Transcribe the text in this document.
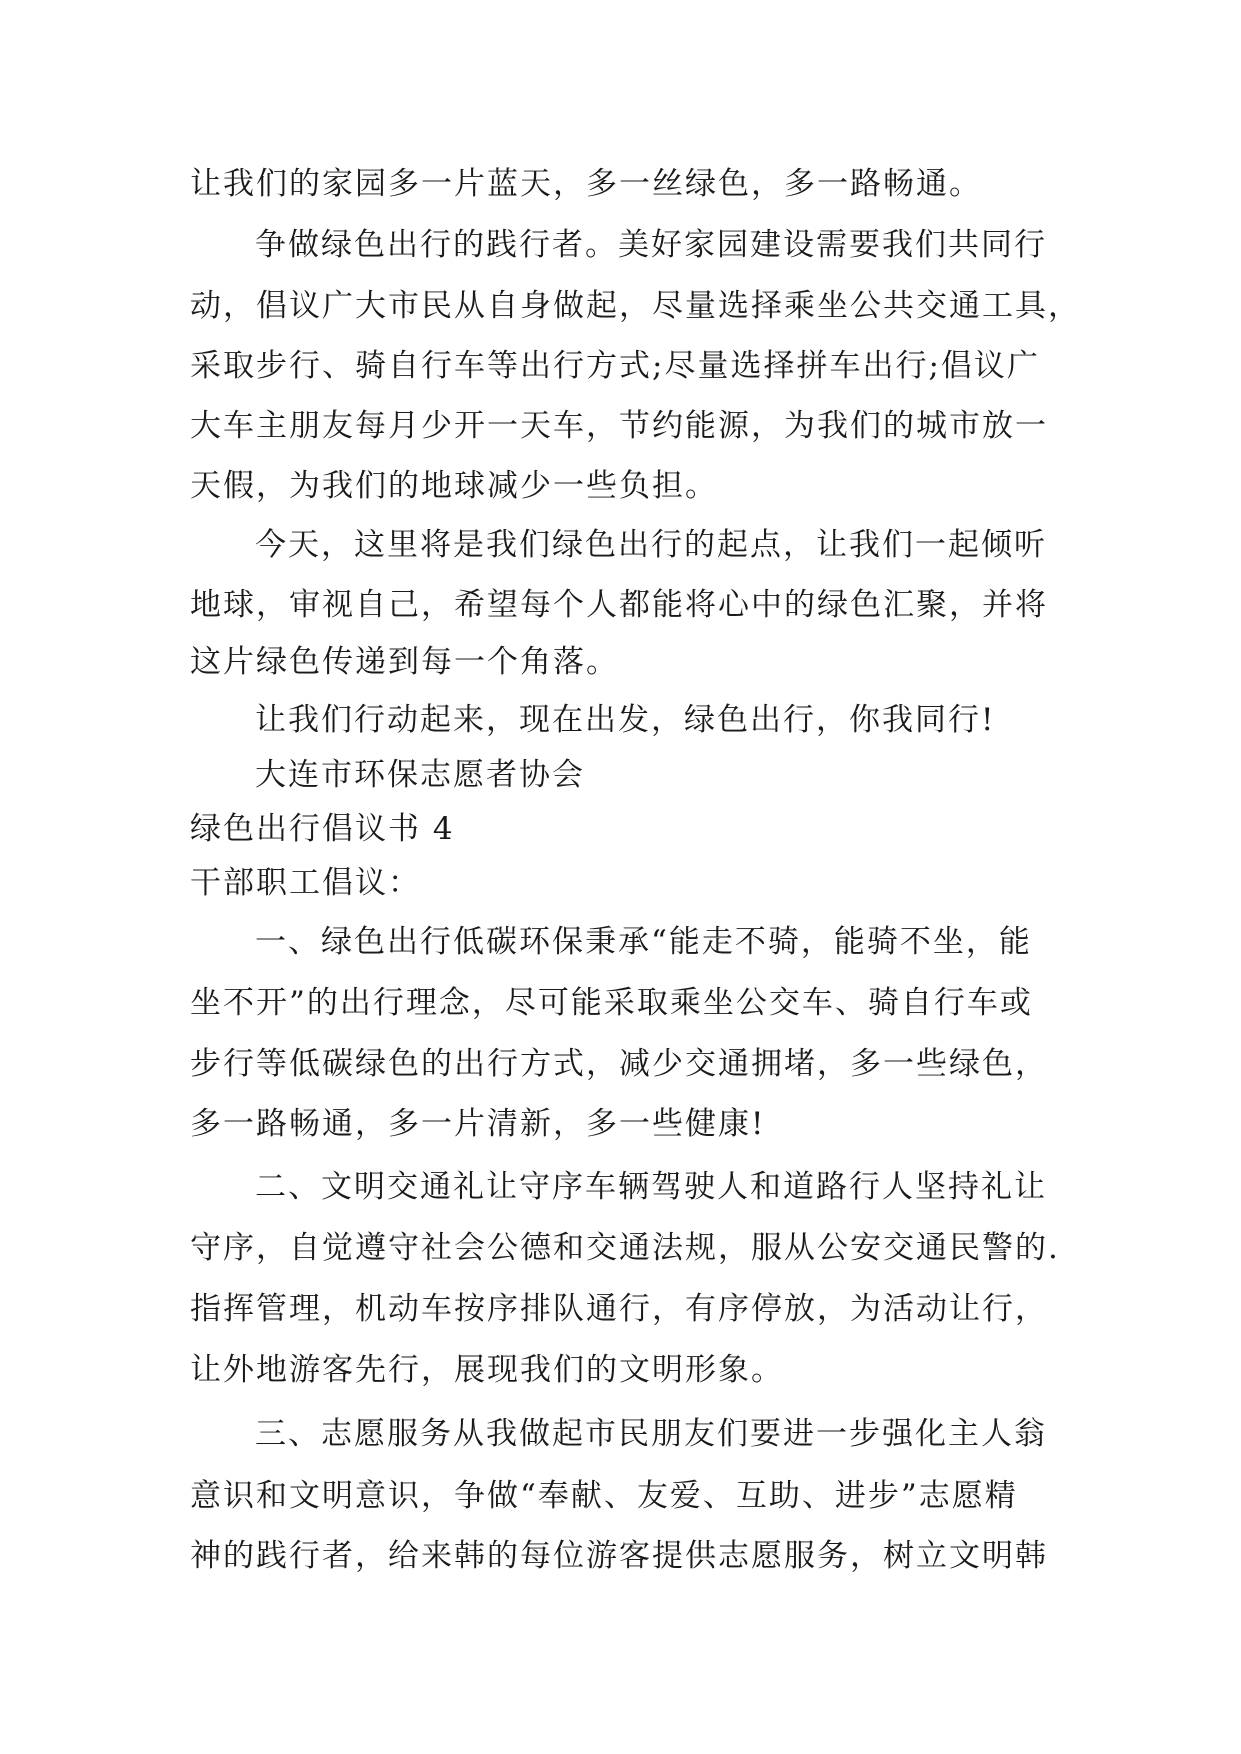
让我们的家园多一片蓝天，多一丝绿色，多一路畅通。
争做绿色出行的践行者。美好家园建设需要我们共同行
动，倡议广大市民从自身做起，尽量选择乘坐公共交通工具，
采取步行、骑自行车等出行方式;尽量选择拼车出行;倡议广
大车主朋友每月少开一天车，节约能源，为我们的城市放一
天假，为我们的地球减少一些负担。
今天，这里将是我们绿色出行的起点，让我们一起倾听
地球，审视自己，希望每个人都能将心中的绿色汇聚，并将
这片绿色传递到每一个角落。
让我们行动起来，现在出发，绿色出行，你我同行!
大连市环保志愿者协会
绿色出行倡议书 4
干部职工倡议：
一、绿色出行低碳环保秉承“能走不骑，能骑不坐，能
坐不开”的出行理念，尽可能采取乘坐公交车、骑自行车或
步行等低碳绿色的出行方式，减少交通拥堵，多一些绿色，
多一路畅通，多一片清新，多一些健康!
二、文明交通礼让守序车辆驾驶人和道路行人坚持礼让
守序，自觉遵守社会公德和交通法规，服从公安交通民警的.
指挥管理，机动车按序排队通行，有序停放，为活动让行，
让外地游客先行，展现我们的文明形象。
三、志愿服务从我做起市民朋友们要进一步强化主人翁
意识和文明意识，争做“奉献、友爱、互助、进步”志愿精
神的践行者，给来韩的每位游客提供志愿服务，树立文明韩
